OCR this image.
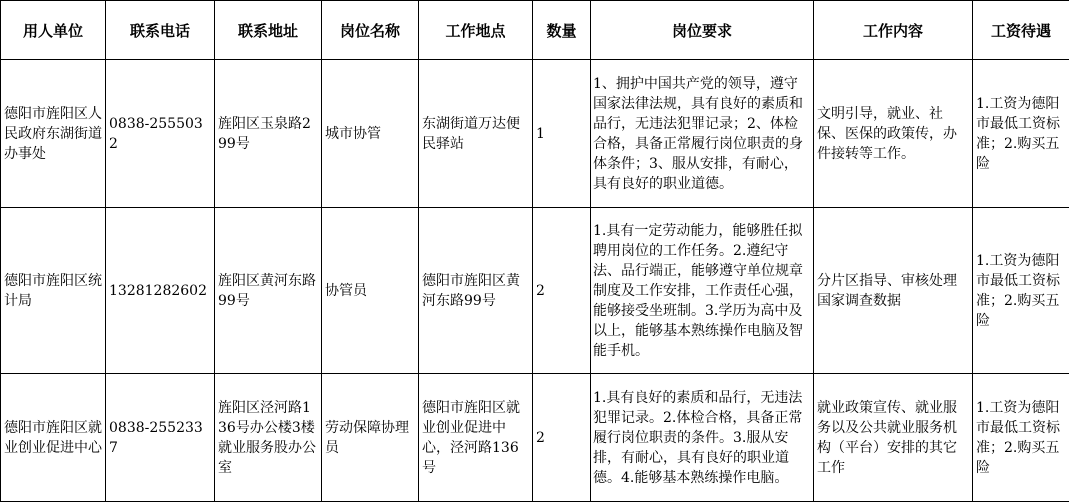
用人单位	联系电话	联系地址	岗位名称	工作地点	数量	岗位要求	工作内容	工资待遇
德阳市旌阳区人民政府东湖街道办事处	0838-2555032	旌阳区玉泉路299号	城市协管	东湖街道万达便民驿站	1	1、拥护中国共产党的领导，遵守国家法律法规，具有良好的素质和品行，无违法犯罪记录；2、体检合格，具备正常履行岗位职责的身体条件；3、服从安排，有耐心，具有良好的职业道德。	文明引导，就业、社保、医保的政策传，办件接转等工作。	1.工资为德阳市最低工资标准；2.购买五险
德阳市旌阳区统计局	13281282602	旌阳区黄河东路99号	协管员	德阳市旌阳区黄河东路99号	2	1.具有一定劳动能力，能够胜任拟聘用岗位的工作任务。2.遵纪守法、品行端正，能够遵守单位规章制度及工作安排，工作责任心强，能够接受坐班制。3.学历为高中及以上，能够基本熟练操作电脑及智能手机。	分片区指导、审核处理国家调查数据	1.工资为德阳市最低工资标准；2.购买五险
德阳市旌阳区就业创业促进中心	0838-2552337	旌阳区泾河路136号办公楼3楼就业服务股办公室	劳动保障协理员	德阳市旌阳区就业创业促进中心，泾河路136号	2	1.具有良好的素质和品行，无违法犯罪记录。2.体检合格，具备正常履行岗位职责的条件。3.服从安排，有耐心，具有良好的职业道德。4.能够基本熟练操作电脑。	就业政策宣传、就业服务以及公共就业服务机构（平台）安排的其它工作	1.工资为德阳市最低工资标准；2.购买五险
